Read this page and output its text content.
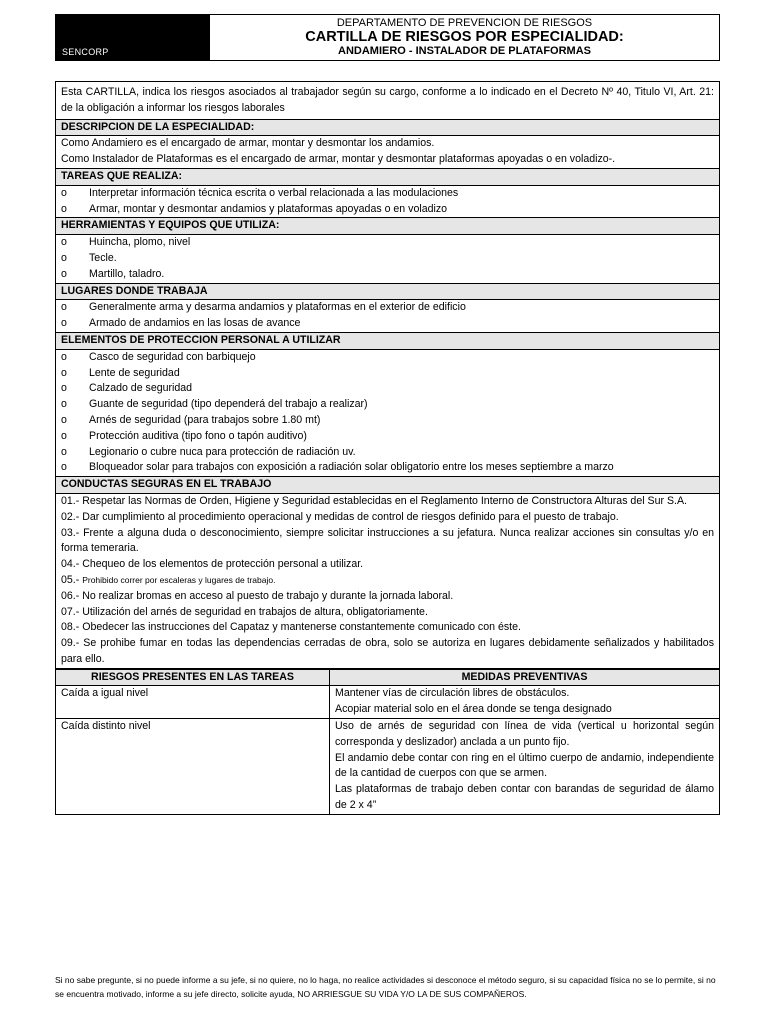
SENCORP
DEPARTAMENTO DE PREVENCION DE RIESGOS
CARTILLA DE RIESGOS POR ESPECIALIDAD:
ANDAMIERO - INSTALADOR DE PLATAFORMAS
Esta CARTILLA, indica los riesgos asociados al trabajador según su cargo, conforme a lo indicado en el Decreto Nº 40, Titulo VI, Art. 21: de la obligación a informar los riesgos laborales
DESCRIPCION DE LA ESPECIALIDAD:
Como Andamiero es el encargado de armar, montar y desmontar los andamios.
Como Instalador de Plataformas es el encargado de armar, montar y desmontar plataformas apoyadas o en voladizo-.
TAREAS QUE REALIZA:
o	Interpretar información técnica escrita o verbal relacionada a las modulaciones
o	Armar, montar y desmontar andamios y plataformas apoyadas o en voladizo
HERRAMIENTAS Y EQUIPOS QUE UTILIZA:
o	Huincha, plomo, nivel
o	Tecle.
o	Martillo, taladro.
LUGARES DONDE TRABAJA
o	Generalmente arma y desarma andamios y plataformas en el exterior de edificio
o	Armado de andamios en las losas de avance
ELEMENTOS DE PROTECCION PERSONAL A UTILIZAR
o	Casco de seguridad con barbiquejo
o	Lente de seguridad
o	Calzado de seguridad
o	Guante de seguridad (tipo dependerá del trabajo a realizar)
o	Arnés de seguridad (para trabajos sobre 1.80 mt)
o	Protección auditiva (tipo fono o tapón auditivo)
o	Legionario o cubre nuca para protección de radiación uv.
o	Bloqueador solar para trabajos con exposición a radiación solar obligatorio entre los meses septiembre a marzo
CONDUCTAS SEGURAS EN EL TRABAJO

01.- Respetar las Normas de Orden, Higiene y Seguridad establecidas en el Reglamento Interno de Constructora Alturas del Sur S.A.

02.- Dar cumplimiento al procedimiento operacional y medidas de control de riesgos definido para el puesto de trabajo.

03.- Frente a alguna duda o desconocimiento, siempre solicitar instrucciones a su jefatura. Nunca realizar acciones sin consultas y/o en forma temeraria.

04.- Chequeo de los elementos de protección personal a utilizar.

05.- Prohibido correr por escaleras y lugares de trabajo.

06.- No realizar bromas en acceso al puesto de trabajo y durante la jornada laboral.

07.- Utilización del arnés de seguridad en trabajos de altura, obligatoriamente.

08.- Obedecer las instrucciones del Capataz y mantenerse constantemente comunicado con éste.

09.- Se prohibe fumar en todas las dependencias cerradas de obra, solo se autoriza en lugares debidamente señalizados y habilitados para ello.

RIESGOS PRESENTES EN LAS TAREAS	MEDIDAS PREVENTIVAS
Caída a igual nivel	Mantener vías de circulación libres de obstáculos.

Acopiar material solo en el área donde se tenga designado

Caída distinto nivel	Uso de arnés de seguridad con línea de vida (vertical u horizontal según corresponda y deslizador) anclada a un punto fijo.

El andamio debe contar con ring en el último cuerpo de andamio, independiente de la cantidad de cuerpos con que se armen.

Las plataformas de trabajo deben contar con barandas de seguridad de álamo de 2 x 4”

Si no sabe pregunte, si no puede informe a su jefe, si no quiere, no lo haga, no realice actividades si desconoce el método seguro, si su capacidad física no se lo permite, si no se encuentra motivado, informe a su jefe directo, solicite ayuda, NO ARRIESGUE SU VIDA Y/O LA DE SUS COMPAÑEROS.
